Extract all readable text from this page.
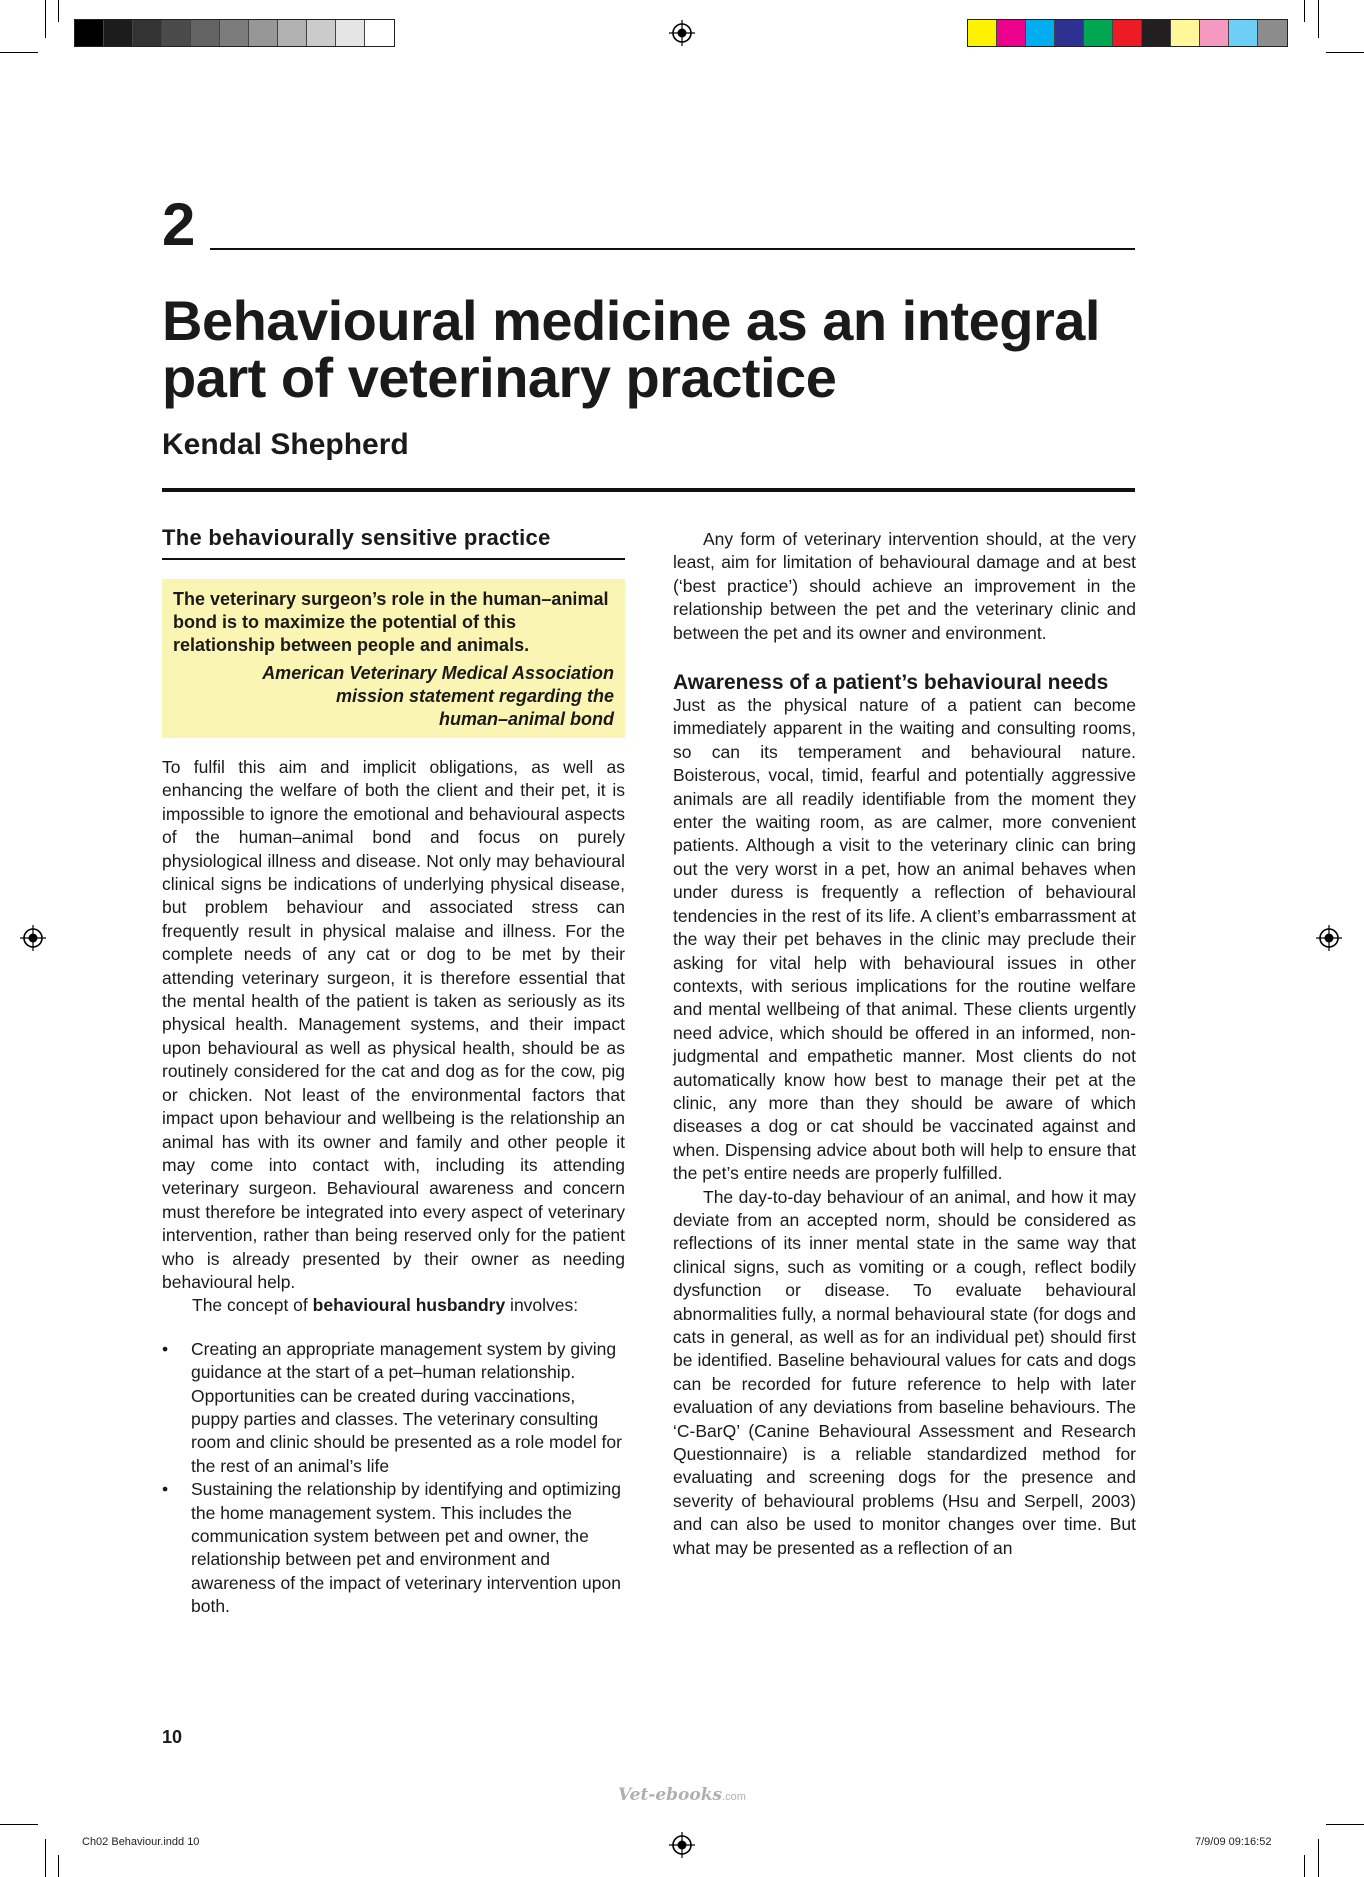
2
Behavioural medicine as an integral part of veterinary practice
Kendal Shepherd
The behaviourally sensitive practice

The veterinary surgeon’s role in the human–animal bond is to maximize the potential of this relationship between people and animals.

American Veterinary Medical Association
mission statement regarding the
human–animal bond

To fulfil this aim and implicit obligations, as well as enhancing the welfare of both the client and their pet, it is impossible to ignore the emotional and behavioural aspects of the human–animal bond and focus on purely physiological illness and disease. Not only may behavioural clinical signs be indications of underlying physical disease, but problem behaviour and associated stress can frequently result in physical malaise and illness. For the complete needs of any cat or dog to be met by their attending veterinary surgeon, it is therefore essential that the mental health of the patient is taken as seriously as its physical health. Management systems, and their impact upon behavioural as well as physical health, should be as routinely considered for the cat and dog as for the cow, pig or chicken. Not least of the environmental factors that impact upon behaviour and wellbeing is the relationship an animal has with its owner and family and other people it may come into contact with, including its attending veterinary surgeon. Behavioural awareness and concern must therefore be integrated into every aspect of veterinary intervention, rather than being reserved only for the patient who is already presented by their owner as needing behavioural help.

The concept of behavioural husbandry involves:

• Creating an appropriate management system by giving guidance at the start of a pet–human relationship. Opportunities can be created during vaccinations, puppy parties and classes. The veterinary consulting room and clinic should be presented as a role model for the rest of an animal’s life
• Sustaining the relationship by identifying and optimizing the home management system. This includes the communication system between pet and owner, the relationship between pet and environment and awareness of the impact of veterinary intervention upon both.

Any form of veterinary intervention should, at the very least, aim for limitation of behavioural damage and at best (‘best practice’) should achieve an improvement in the relationship between the pet and the veterinary clinic and between the pet and its owner and environment.

Awareness of a patient’s behavioural needs

Just as the physical nature of a patient can become immediately apparent in the waiting and consulting rooms, so can its temperament and behavioural nature. Boisterous, vocal, timid, fearful and potentially aggressive animals are all readily identifiable from the moment they enter the waiting room, as are calmer, more convenient patients. Although a visit to the veterinary clinic can bring out the very worst in a pet, how an animal behaves when under duress is frequently a reflection of behavioural tendencies in the rest of its life. A client’s embarrassment at the way their pet behaves in the clinic may preclude their asking for vital help with behavioural issues in other contexts, with serious implications for the routine welfare and mental wellbeing of that animal. These clients urgently need advice, which should be offered in an informed, non-judgmental and empathetic manner. Most clients do not automatically know how best to manage their pet at the clinic, any more than they should be aware of which diseases a dog or cat should be vaccinated against and when. Dispensing advice about both will help to ensure that the pet’s entire needs are properly fulfilled.

The day-to-day behaviour of an animal, and how it may deviate from an accepted norm, should be considered as reflections of its inner mental state in the same way that clinical signs, such as vomiting or a cough, reflect bodily dysfunction or disease. To evaluate behavioural abnormalities fully, a normal behavioural state (for dogs and cats in general, as well as for an individual pet) should first be identified. Baseline behavioural values for cats and dogs can be recorded for future reference to help with later evaluation of any deviations from baseline behaviours. The ‘C-BarQ’ (Canine Behavioural Assessment and Research Questionnaire) is a reliable standardized method for evaluating and screening dogs for the presence and severity of behavioural problems (Hsu and Serpell, 2003) and can also be used to monitor changes over time. But what may be presented as a reflection of an

10
Vet-ebooks.com
Ch02 Behaviour.indd 10	7/9/09 09:16:52
